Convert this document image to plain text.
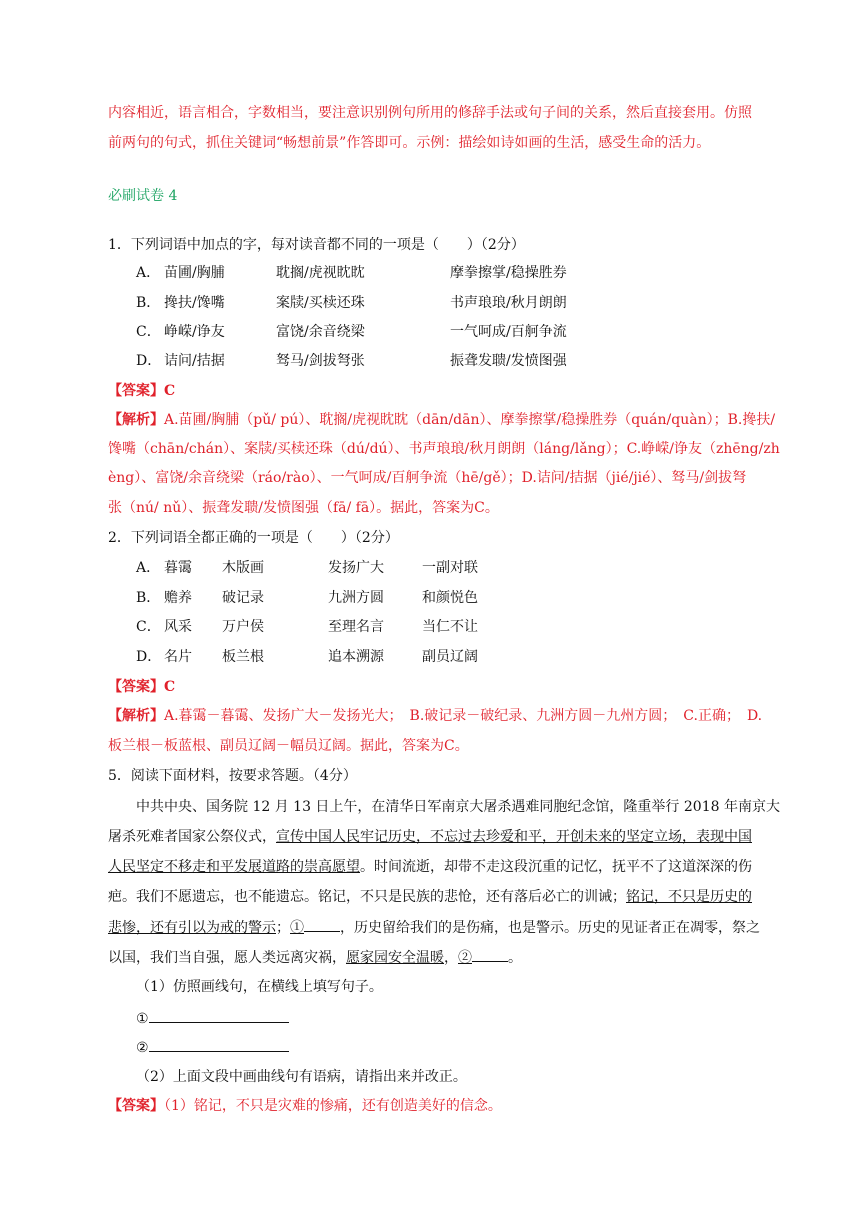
内容相近，语言相合，字数相当，要注意识别例句所用的修辞手法或句子间的关系，然后直接套用。仿照
前两句的句式，抓住关键词“畅想前景”作答即可。示例：描绘如诗如画的生活，感受生命的活力。
必刷试卷 4
1．下列词语中加点的字，每对读音都不同的一项是（　　）（2分）
A． 苗圃/胸脯	耽搁/虎视眈眈	摩拳擦掌/稳操胜券
B． 搀扶/馋嘴	案牍/买椟还珠	书声琅琅/秋月朗朗
C． 峥嵘/诤友	富饶/余音绕梁	一气呵成/百舸争流
D． 诘问/拮据	驽马/剑拔弩张	振聋发聩/发愤图强
【答案】C
【解析】A.苗圃/胸脯（pǔ/ pú）、耽搁/虎视眈眈（dān/dān）、摩拳擦掌/稳操胜券（quán/quàn）；B.搀扶/
馋嘴（chān/chán）、案牍/买椟还珠（dú/dú）、书声琅琅/秋月朗朗（láng/lǎng）；C.峥嵘/诤友（zhēng/zh
èng）、富饶/余音绕梁（ráo/rào）、一气呵成/百舸争流（hē/gě）；D.诘问/拮据（jié/jié）、驽马/剑拔弩
张（nú/ nǔ）、振聋发聩/发愤图强（fā/ fā）。据此，答案为C。
2．下列词语全都正确的一项是（　　）（2分）
A． 暮霭 木版画	发扬广大	一副对联
B． 赡养 破记录	九洲方圆	和颜悦色
C． 风采 万户侯	至理名言	当仁不让
D． 名片 板兰根	追本溯源	副员辽阔
【答案】C
【解析】A.暮霭－暮霭、发扬广大－发扬光大；　B.破记录－破纪录、九洲方圆－九州方圆；　C.正确；　D.
板兰根－板蓝根、副员辽阔－幅员辽阔。据此，答案为C。
5．阅读下面材料，按要求答题。（4分）
中共中央、国务院 12 月 13 日上午，在清华日军南京大屠杀遇难同胞纪念馆，隆重举行 2018 年南京大
屠杀死难者国家公祭仪式，宣传中国人民牢记历史，不忘过去珍爱和平，开创未来的坚定立场，表现中国
人民坚定不移走和平发展道路的崇高愿望。时间流逝，却带不走这段沉重的记忆，抚平不了这道深深的伤
疤。我们不愿遗忘，也不能遗忘。铭记，不只是民族的悲怆，还有落后必亡的训诫；铭记，不只是历史的
悲惨，还有引以为戒的警示；①	，历史留给我们的是伤痛，也是警示。历史的见证者正在凋零，祭之
以国，我们当自强，愿人类远离灾祸，愿家园安全温暖，②	。
（1）仿照画线句，在横线上填写句子。
①
②
（2）上面文段中画曲线句有语病，请指出来并改正。
【答案】（1）铭记，不只是灾难的惨痛，还有创造美好的信念。
